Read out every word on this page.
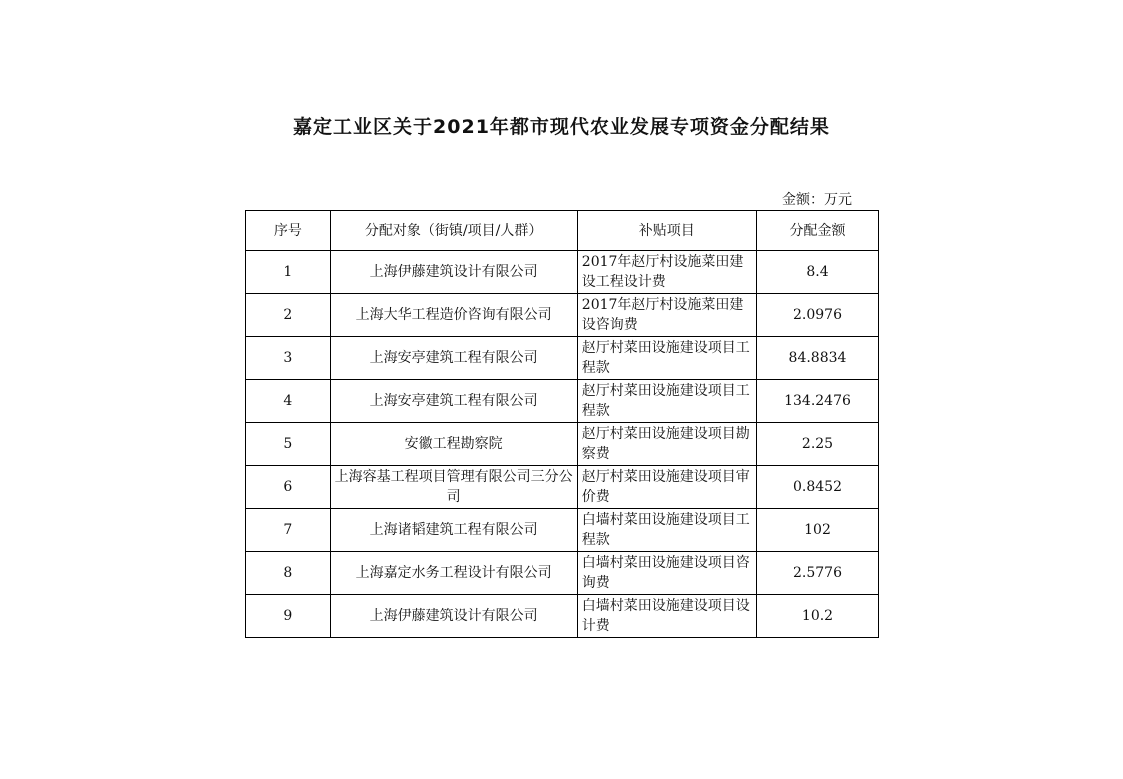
嘉定工业区关于2021年都市现代农业发展专项资金分配结果
金额：万元
序号	分配对象（街镇/项目/人群）	补贴项目	分配金额
1	上海伊藤建筑设计有限公司	2017年赵厅村设施菜田建设工程设计费	8.4
2	上海大华工程造价咨询有限公司	2017年赵厅村设施菜田建设咨询费	2.0976
3	上海安亭建筑工程有限公司	赵厅村菜田设施建设项目工程款	84.8834
4	上海安亭建筑工程有限公司	赵厅村菜田设施建设项目工程款	134.2476
5	安徽工程勘察院	赵厅村菜田设施建设项目勘察费	2.25
6	上海容基工程项目管理有限公司三分公司	赵厅村菜田设施建设项目审价费	0.8452
7	上海诸韬建筑工程有限公司	白墙村菜田设施建设项目工程款	102
8	上海嘉定水务工程设计有限公司	白墙村菜田设施建设项目咨询费	2.5776
9	上海伊藤建筑设计有限公司	白墙村菜田设施建设项目设计费	10.2
